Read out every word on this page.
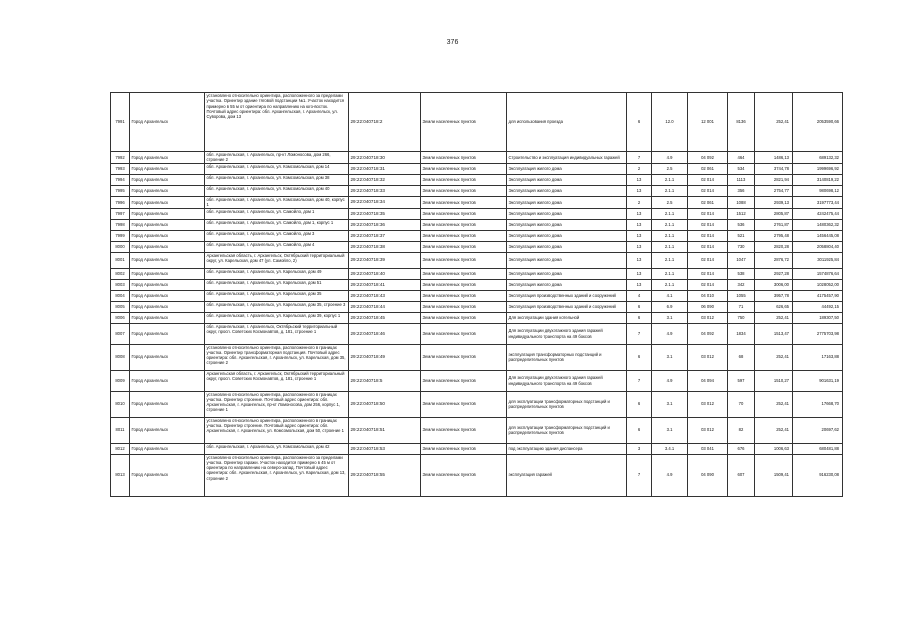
376
7991	Город Архангельск	установлено относительно ориентира, расположенного за пределами участка. Ориентир здание тяговой подстанции №1. Участок находится примерно в 55 м от ориентира по направлению на юго-восток. Почтовый адрес ориентира: обл. Архангельская, г. Архангельск, ул. Суворова, дом 13	29:22:040718:2	Земли населенных пунктов	для использования проезда	6	12.0	12 001	8136	252,41	2053590,66
7992	Город Архангельск	обл. Архангельская, г. Архангельск, пр-кт Ломоносова, дом 266, строение 2	29:22:040718:30	Земли населенных пунктов	Строительство и эксплуатация индивидуальных гаражей	7	4.9	04 092	464	1486,13	689132,32
7993	Город Архангельск	обл. Архангельская, г. Архангельск, ул. Комсомольская, дом 14	29:22:040718:31	Земли населенных пунктов	Эксплуатация жилого дома	2	2.5	02 061	534	3744,78	1999696,92
7994	Город Архангельск	обл. Архангельская, г. Архангельск, ул. Комсомольская, дом 38	29:22:040718:32	Земли населенных пунктов	Эксплуатация жилого дома	13	2.1.1	02 014	1113	2821,94	3140819,22
7995	Город Архангельск	обл. Архангельская, г. Архангельск, ул. Комсомольская, дом 40	29:22:040718:33	Земли населенных пунктов	Эксплуатация жилого дома	13	2.1.1	02 014	356	2754,77	980698,12
7996	Город Архангельск	обл. Архангельская, г. Архангельск, ул. Комсомольская, дом 40, корпус 1	29:22:040718:34	Земли населенных пунктов	Эксплуатация жилого дома	2	2.5	02 061	1088	2939,13	3197773,44
7997	Город Архангельск	обл. Архангельская, г. Архангельск, ул. Самойло, дом 1	29:22:040718:35	Земли населенных пунктов	Эксплуатация жилого дома	13	2.1.1	02 014	1512	2805,87	4242475,44
7998	Город Архангельск	обл. Архангельская, г. Архангельск, ул. Самойло, дом 1, корпус 1	29:22:040718:36	Земли населенных пунктов	Эксплуатация жилого дома	13	2.1.1	02 014	536	2761,87	1480362,32
7999	Город Архангельск	обл. Архангельская, г. Архангельск, ул. Самойло, дом 3	29:22:040718:37	Земли населенных пунктов	Эксплуатация жилого дома	13	2.1.1	02 014	521	2795,48	1456445,08
8000	Город Архангельск	обл. Архангельская, г. Архангельск, ул. Самойло, дом 4	29:22:040718:38	Земли населенных пунктов	Эксплуатация жилого дома	13	2.1.1	02 014	730	2820,28	2058804,40
8001	Город Архангельск	Архангельская область, г. Архангельск, Октябрьский территориальный округ, ул. Карельская, дом 47 (ул. Самойло, 2)	29:22:040718:39	Земли населенных пунктов	Эксплуатация жилого дома	13	2.1.1	02 014	1047	2876,72	3011925,84
8002	Город Архангельск	обл. Архангельская, г. Архангельск, ул. Карельская, дом 49	29:22:040718:40	Земли населенных пунктов	Эксплуатация жилого дома	13	2.1.1	02 014	538	2927,28	1574876,64
8003	Город Архангельск	обл. Архангельская, г. Архангельск, ул. Карельская, дом 51	29:22:040718:41	Земли населенных пунктов	Эксплуатация жилого дома	13	2.1.1	02 014	342	3006,00	1028052,00
8004	Город Архангельск	обл. Архангельская, г. Архангельск, ул. Карельская, дом 35	29:22:040718:43	Земли населенных пунктов	Эксплуатация производственных зданий и сооружений	4	4.1	04 010	1055	3957,78	4175457,90
8005	Город Архангельск	обл. Архангельская, г. Архангельск, ул. Карельская, дом 35, строение 3	29:22:040718:44	Земли населенных пунктов	Эксплуатация производственных зданий и сооружений	6	6.9	06 090	71	626,65	44492,15
8006	Город Архангельск	обл. Архангельская, г. Архангельск, ул. Карельская, дом 39, корпус 1	29:22:040718:45	Земли населенных пунктов	Для эксплуатации здания котельной	6	3.1	03 012	750	252,41	189307,50
8007	Город Архангельск	обл. Архангельская, г. Архангельск, Октябрьский территориальный округ, просп. Советских Космонавтов, д. 181, строение 1	29:22:040718:46	Земли населенных пунктов	Для эксплуатации двухэтажного здания гаражей индивидуального транспорта на 49 боксов	7	4.9	04 092	1834	1513,47	2775703,98
8008	Город Архангельск	установлено относительно ориентира, расположенного в границах участка. Ориентир трансформаторная подстанция. Почтовый адрес ориентира: обл. Архангельская, г. Архангельск, ул. Карельская, дом 35, строение 2	29:22:040718:49	Земли населенных пунктов	эксплуатация трансформаторных подстанций и распределительных пунктов	6	3.1	03 012	68	252,41	17163,88
8009	Город Архангельск	Архангельская область, г. Архангельск, Октябрьский территориальный округ, просп. Советских Космонавтов, д. 181, строение 1	29:22:040718:5	Земли населенных пунктов	Для эксплуатации двухэтажного здания гаражей индивидуального транспорта на 49 боксов	7	4.9	04 094	597	1510,27	901631,19
8010	Город Архангельск	установлено относительно ориентира, расположенного в границах участка. Ориентир строение. Почтовый адрес ориентира: обл. Архангельская, г. Архангельск, пр-кт Ломоносова, дом 256, корпус 1, строение 1	29:22:040718:50	Земли населенных пунктов	для эксплуатации трансформаторных подстанций и распределительных пунктов	6	3.1	03 012	70	252,41	17668,70
8011	Город Архангельск	установлено относительно ориентира, расположенного в границах участка. Ориентир строение. Почтовый адрес ориентира: обл. Архангельская, г. Архангельск, ул. Комсомольская, дом 50, строение 1	29:22:040718:51	Земли населенных пунктов	для эксплуатации трансформаторных подстанций и распределительных пунктов	6	3.1	03 012	82	252,41	20697,62
8012	Город Архангельск	обл. Архангельская, г. Архангельск, ул. Комсомольская, дом 42	29:22:040718:53	Земли населенных пунктов	под эксплуатацию здания диспансера	3	3.4.1	03 041	676	1006,63	680481,88
8013	Город Архангельск	установлено относительно ориентира, расположенного за пределами участка. Ориентир гаражи. Участок находится примерно в 45 м от ориентира по направлению на северо-запад. Почтовый адрес ориентира: обл. Архангельская, г. Архангельск, ул. Карельская, дом 13, строение 2	29:22:040718:55	Земли населенных пунктов	эксплуатация гаражей	7	4.9	04 090	607	1509,41	916230,08
